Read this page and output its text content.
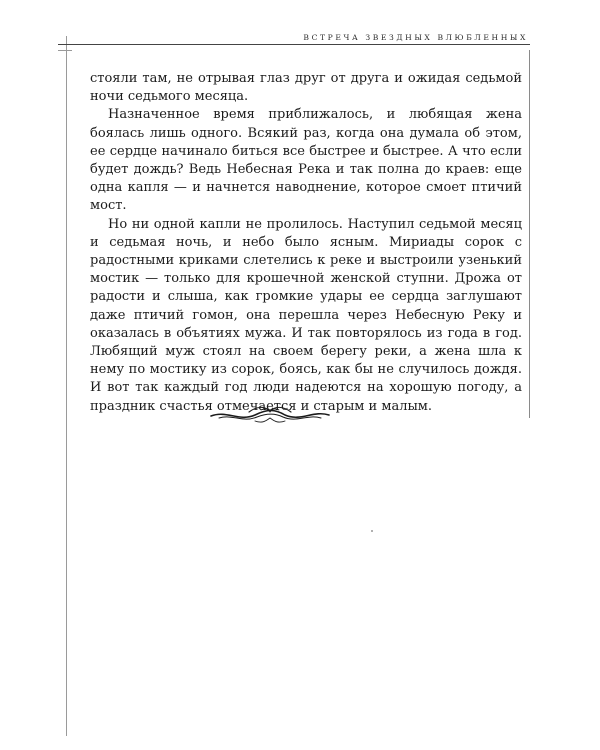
ВСТРЕЧА ЗВЕЗДНЫХ ВЛЮБЛЕННЫХ

стояли там, не отрывая глаз друг от друга и ожидая седьмой ночи седьмого месяца.

Назначенное время приближалось, и любящая жена боялась лишь одного. Всякий раз, когда она думала об этом, ее сердце начинало биться все быстрее и быстрее. А что если будет дождь? Ведь Небесная Река и так полна до краев: еще одна капля — и начнется наводнение, которое смоет птичий мост.

Но ни одной капли не пролилось. Наступил седьмой месяц и седьмая ночь, и небо было ясным. Мириады сорок с радостными криками слетелись к реке и выстроили узенький мостик — только для крошечной женской ступни. Дрожа от радости и слыша, как громкие удары ее сердца заглушают даже птичий гомон, она перешла через Небесную Реку и оказалась в объятиях мужа. И так повторялось из года в год. Любящий муж стоял на своем берегу реки, а жена шла к нему по мостику из сорок, боясь, как бы не случилось дождя. И вот так каждый год люди надеются на хорошую погоду, а праздник счастья отмечается и старым и малым.
